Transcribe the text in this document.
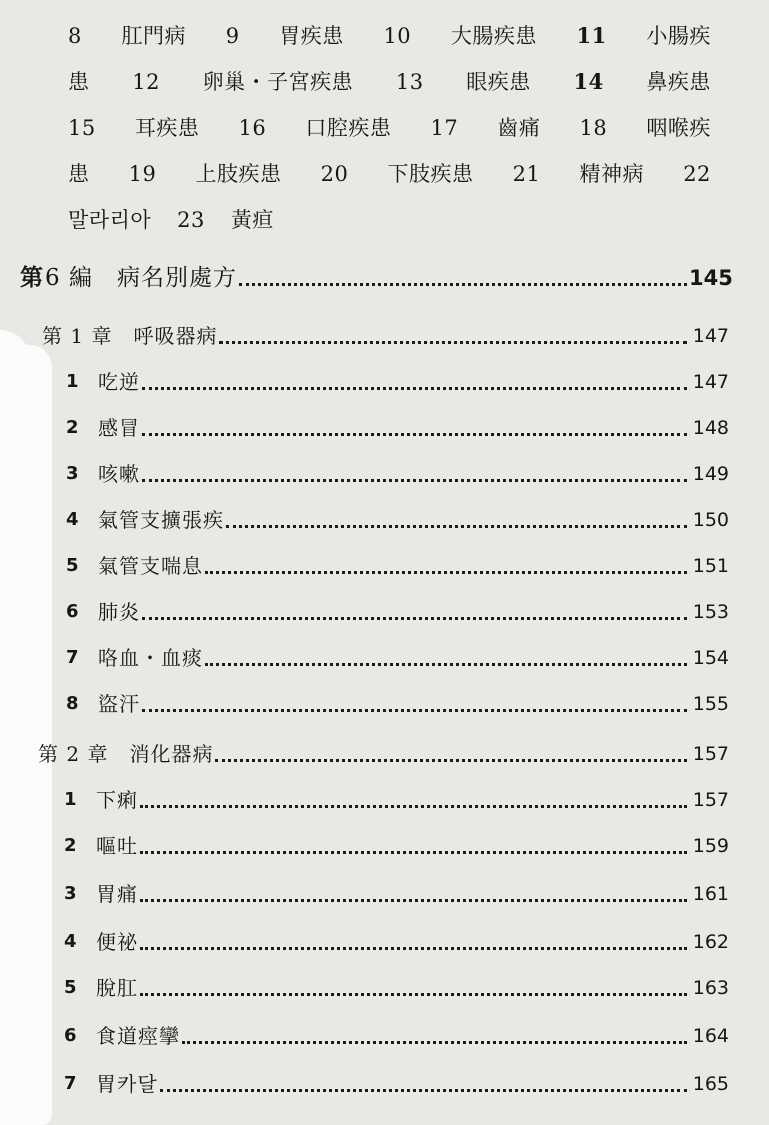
8 肛門病 9 胃疾患 10 大腸疾患 11 小腸疾
患 12 卵巢・子宮疾患 13 眼疾患 14 鼻疾患
15 耳疾患 16 口腔疾患 17 齒痛 18 咽喉疾
患 19 上肢疾患 20 下肢疾患 21 精神病 22
말라리아 23 黃疸
第 6 編　病名別處方	145
第 1 章　呼吸器病	147
1 吃逆	147
2 感冒	148
3 咳嗽	149
4 氣管支擴張疾	150
5 氣管支喘息	151
6 肺炎	153
7 咯血・血痰	154
8 盜汗	155
第 2 章　消化器病	157
1 下痢	157
2 嘔吐	159
3 胃痛	161
4 便祕	162
5 脫肛	163
6 食道痙攣	164
7 胃카달	165
